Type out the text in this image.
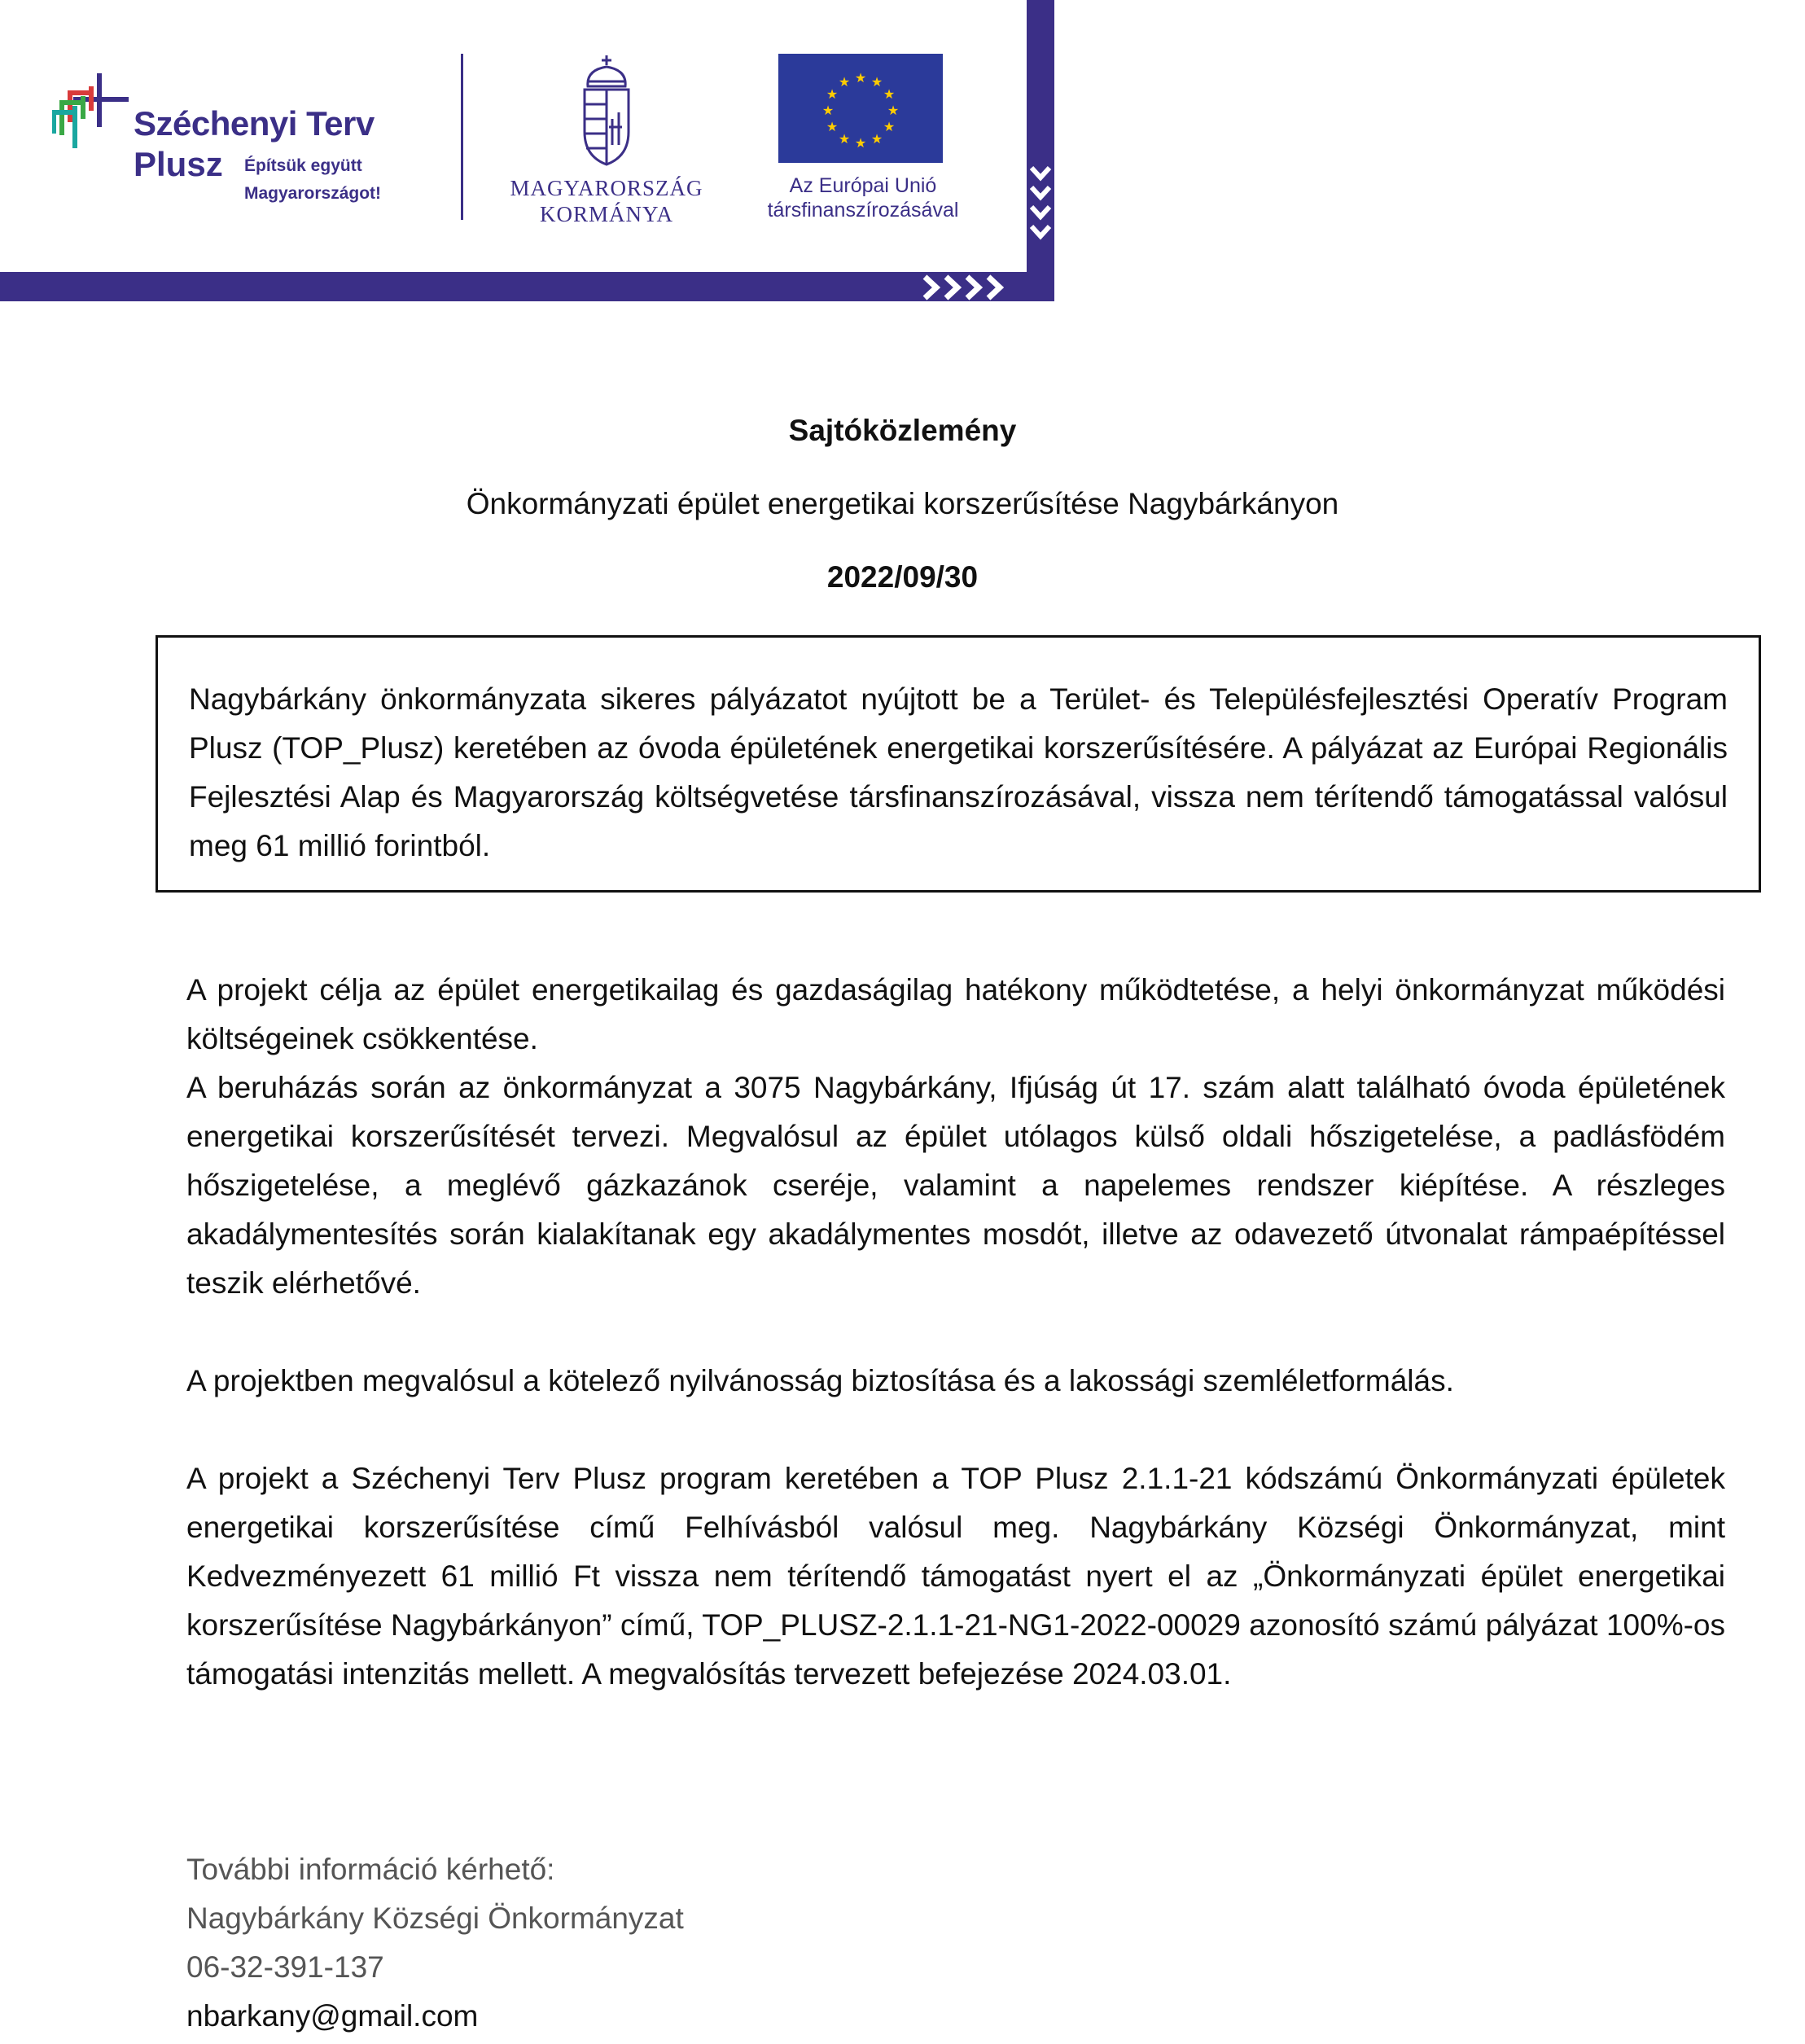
Széchenyi Terv
Plusz Építsük együtt
Magyarországot!	MAGYARORSZÁG
KORMÁNYA
★ ★
★
★
★
★
★
★
★
★
★
★
Az Európai Unió
társfinanszírozásával
Sajtóközlemény
Önkormányzati épület energetikai korszerűsítése Nagybárkányon
2022/09/30

Nagybárkány önkormányzata sikeres pályázatot nyújtott be a Terület- és Településfejlesztési Operatív Program Plusz (TOP_Plusz) keretében az óvoda épületének energetikai korszerűsítésére. A pályázat az Európai Regionális Fejlesztési Alap és Magyarország költségvetése társfinanszírozásával, vissza nem térítendő támogatással valósul meg 61 millió forintból.

A projekt célja az épület energetikailag és gazdaságilag hatékony működtetése, a helyi önkormányzat működési költségeinek csökkentése.

A beruházás során az önkormányzat a 3075 Nagybárkány, Ifjúság út 17. szám alatt található óvoda épületének energetikai korszerűsítését tervezi. Megvalósul az épület utólagos külső oldali hőszigetelése, a padlásfödém hőszigetelése, a meglévő gázkazánok cseréje, valamint a napelemes rendszer kiépítése. A részleges akadálymentesítés során kialakítanak egy akadálymentes mosdót, illetve az odavezető útvonalat rámpaépítéssel teszik elérhetővé.

A projektben megvalósul a kötelező nyilvánosság biztosítása és a lakossági szemléletformálás.

A projekt a Széchenyi Terv Plusz program keretében a TOP Plusz 2.1.1-21 kódszámú Önkormányzati épületek energetikai korszerűsítése című Felhívásból valósul meg. Nagybárkány Községi Önkormányzat, mint Kedvezményezett 61 millió Ft vissza nem térítendő támogatást nyert el az „Önkormányzati épület energetikai korszerűsítése Nagybárkányon” című, TOP_PLUSZ-2.1.1-21-NG1-2022-00029 azonosító számú pályázat 100%-os támogatási intenzitás mellett. A megvalósítás tervezett befejezése 2024.03.01.

További információ kérhető:
Nagybárkány Községi Önkormányzat
06-32-391-137
nbarkany@gmail.com
